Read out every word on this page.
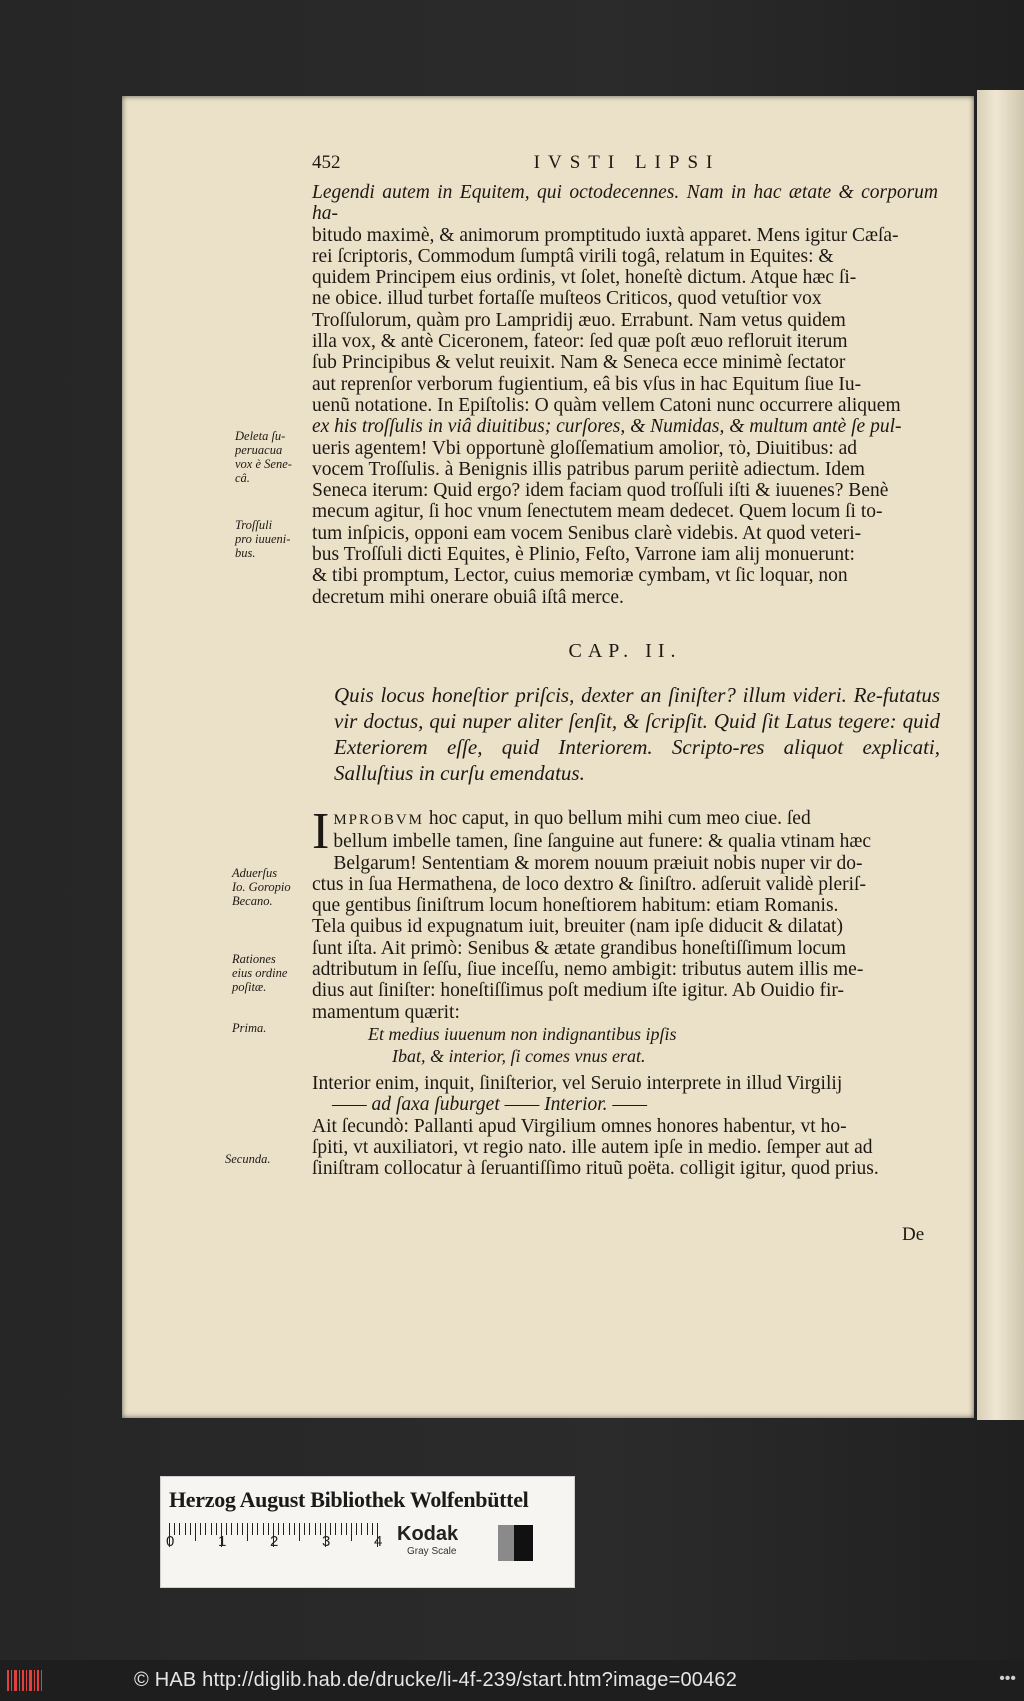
452	IVSTI LIPSI

Legendi autem in Equitem, qui octodecennes. Nam in hac ætate & corporum ha-

bitudo maximè, & animorum promptitudo iuxtà apparet. Mens igitur Cæſa-

rei ſcriptoris, Commodum ſumptâ virili togâ, relatum in Equites: &

quidem Principem eius ordinis, vt ſolet, honeſtè dictum. Atque hæc ſi-

ne obice. illud turbet fortaſſe muſteos Criticos, quod vetuſtior vox

Troſſulorum, quàm pro Lampridij æuo. Errabunt. Nam vetus quidem

illa vox, & antè Ciceronem, fateor: ſed quæ poſt æuo refloruit iterum

ſub Principibus & velut reuixit. Nam & Seneca ecce minimè ſectator

aut reprenſor verborum fugientium, eâ bis vſus in hac Equitum ſiue Iu-

uenũ notatione. In Epiſtolis: O quàm vellem Catoni nunc occurrere aliquem

ex his troſſulis in viâ diuitibus; curſores, & Numidas, & multum antè ſe pul-

ueris agentem! Vbi opportunè gloſſematium amolior, τὸ, Diuitibus: ad

vocem Troſſulis. à Benignis illis patribus parum periitè adiectum. Idem

Seneca iterum: Quid ergo? idem faciam quod troſſuli iſti & iuuenes? Benè

mecum agitur, ſi hoc vnum ſenectutem meam dedecet. Quem locum ſi to-

tum inſpicis, opponi eam vocem Senibus clarè videbis. At quod veteri-

bus Troſſuli dicti Equites, è Plinio, Feſto, Varrone iam alij monuerunt:

& tibi promptum, Lector, cuius memoriæ cymbam, vt ſic loquar, non

decretum mihi onerare obuiâ iſtâ merce.

Deleta ſu-
peruacua
vox è Sene-
câ.
Troſſuli
pro iuueni-
bus.
CAP. II.
Quis locus honeſtior priſcis, dexter an ſiniſter? illum videri. Re-futatus vir doctus, qui nuper aliter ſenſit, & ſcripſit. Quid ſit Latus tegere: quid Exteriorem eſſe, quid Interiorem. Scripto-res aliquot explicati, Salluſtius in curſu emendatus.

I MPROBVM hoc caput, in quo bellum mihi cum meo ciue. ſed

bellum imbelle tamen, ſine ſanguine aut funere: & qualia vtinam hæc

Belgarum! Sententiam & morem nouum præiuit nobis nuper vir do-

ctus in ſua Hermathena, de loco dextro & ſiniſtro. adſeruit validè pleriſ-

que gentibus ſiniſtrum locum honeſtiorem habitum: etiam Romanis.

Tela quibus id expugnatum iuit, breuiter (nam ipſe diducit & dilatat)

ſunt iſta. Ait primò: Senibus & ætate grandibus honeſtiſſimum locum

adtributum in ſeſſu, ſiue inceſſu, nemo ambigit: tributus autem illis me-

dius aut ſiniſter: honeſtiſſimus poſt medium iſte igitur. Ab Ouidio fir-

mamentum quærit:

Et medius iuuenum non indignantibus ipſis

Ibat, & interior, ſi comes vnus erat.

Interior enim, inquit, ſiniſterior, vel Seruio interprete in illud Virgilij

—— ad ſaxa ſuburget —— Interior. ——

Ait ſecundò: Pallanti apud Virgilium omnes honores habentur, vt ho-

ſpiti, vt auxiliatori, vt regio nato. ille autem ipſe in medio. ſemper aut ad

ſiniſtram collocatur à ſeruantiſſimo rituũ poëta. colligit igitur, quod prius.

Aduerſus
Io. Goropio
Becano.
Rationes
eius ordine
poſitæ.
Prima.
Secunda.
De
Herzog August Bibliothek Wolfenbüttel
0	1	2	3	4 Kodak
Gray Scale
© HAB http://diglib.hab.de/drucke/li-4f-239/start.htm?image=00462	•••
